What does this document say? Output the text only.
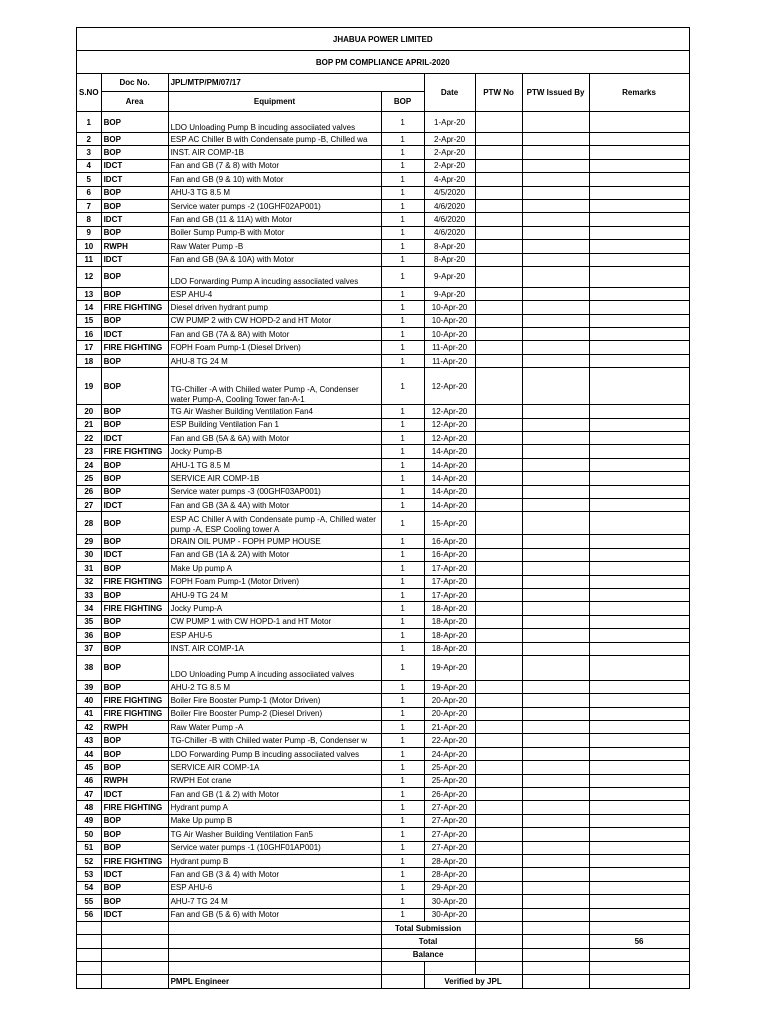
JHABUA POWER LIMITED							
BOP PM COMPLIANCE APRIL-2020							
S.NO	Doc No.	JPL/MTP/PM/07/17		Date	PTW No	PTW Issued By	Remarks
	Area	Equipment	BOP				
1	BOP	LDO Unloading Pump B incuding associiated valves	1	1-Apr-20			
2	BOP	ESP AC Chiller B with Condensate pump -B, Chilled wa	1	2-Apr-20			
3	BOP	INST. AIR COMP-1B	1	2-Apr-20			
4	IDCT	Fan and GB (7 & 8) with Motor	1	2-Apr-20			
5	IDCT	Fan and GB (9 & 10) with Motor	1	4-Apr-20			
6	BOP	AHU-3 TG 8.5 M	1	4/5/2020			
7	BOP	Service water pumps -2 (10GHF02AP001)	1	4/6/2020			
8	IDCT	Fan and GB (11 & 11A) with Motor	1	4/6/2020			
9	BOP	Boiler Sump Pump-B with Motor	1	4/6/2020			
10	RWPH	Raw Water Pump -B	1	8-Apr-20			
11	IDCT	Fan and GB (9A & 10A) with Motor	1	8-Apr-20			
12	BOP	LDO Forwarding Pump A incuding associiated valves	1	9-Apr-20			
13	BOP	ESP AHU-4	1	9-Apr-20			
14	FIRE FIGHTING	Diesel driven hydrant pump	1	10-Apr-20			
15	BOP	CW PUMP 2 with CW HOPD-2 and HT Motor	1	10-Apr-20			
16	IDCT	Fan and GB (7A & 8A) with Motor	1	10-Apr-20			
17	FIRE FIGHTING	FOPH Foam Pump-1 (Diesel Driven)	1	11-Apr-20			
18	BOP	AHU-8 TG 24 M	1	11-Apr-20			
19	BOP	TG-Chiller -A with Chiiled water Pump -A, Condenser water Pump-A, Cooling Tower fan-A-1	1	12-Apr-20			
20	BOP	TG Air Washer Building Ventilation Fan4	1	12-Apr-20			
21	BOP	ESP Building Ventilation Fan 1	1	12-Apr-20			
22	IDCT	Fan and GB (5A & 6A) with Motor	1	12-Apr-20			
23	FIRE FIGHTING	Jocky Pump-B	1	14-Apr-20			
24	BOP	AHU-1 TG 8.5 M	1	14-Apr-20			
25	BOP	SERVICE AIR COMP-1B	1	14-Apr-20			
26	BOP	Service water pumps -3 (00GHF03AP001)	1	14-Apr-20			
27	IDCT	Fan and GB (3A & 4A) with Motor	1	14-Apr-20			
28	BOP	ESP AC Chiller A with Condensate pump -A, Chilled water pump -A, ESP Cooling tower A	1	15-Apr-20			
29	BOP	DRAIN OIL PUMP - FOPH PUMP HOUSE	1	16-Apr-20			
30	IDCT	Fan and GB (1A & 2A) with Motor	1	16-Apr-20			
31	BOP	Make Up pump A	1	17-Apr-20			
32	FIRE FIGHTING	FOPH Foam Pump-1 (Motor Driven)	1	17-Apr-20			
33	BOP	AHU-9 TG 24 M	1	17-Apr-20			
34	FIRE FIGHTING	Jocky Pump-A	1	18-Apr-20			
35	BOP	CW PUMP 1 with CW HOPD-1 and HT Motor	1	18-Apr-20			
36	BOP	ESP AHU-5	1	18-Apr-20			
37	BOP	INST. AIR COMP-1A	1	18-Apr-20			
38	BOP	LDO Unloading Pump A incuding associiated valves	1	19-Apr-20			
39	BOP	AHU-2 TG 8.5 M	1	19-Apr-20			
40	FIRE FIGHTING	Boiler Fire Booster Pump-1 (Motor Driven)	1	20-Apr-20			
41	FIRE FIGHTING	Boiler Fire Booster Pump-2 (Diesel Driven)	1	20-Apr-20			
42	RWPH	Raw Water Pump -A	1	21-Apr-20			
43	BOP	TG-Chiller -B with Chiiled water Pump -B, Condenser w	1	22-Apr-20			
44	BOP	LDO Forwarding Pump B incuding associiated valves	1	24-Apr-20			
45	BOP	SERVICE AIR COMP-1A	1	25-Apr-20			
46	RWPH	RWPH Eot crane	1	25-Apr-20			
47	IDCT	Fan and GB (1 & 2) with Motor	1	26-Apr-20			
48	FIRE FIGHTING	Hydrant pump A	1	27-Apr-20			
49	BOP	Make Up pump B	1	27-Apr-20			
50	BOP	TG Air Washer Building Ventilation Fan5	1	27-Apr-20			
51	BOP	Service water pumps -1 (10GHF01AP001)	1	27-Apr-20			
52	FIRE FIGHTING	Hydrant pump B	1	28-Apr-20			
53	IDCT	Fan and GB (3 & 4) with Motor	1	28-Apr-20			
54	BOP	ESP AHU-6	1	29-Apr-20			
55	BOP	AHU-7 TG 24 M	1	30-Apr-20			
56	IDCT	Fan and GB (5 & 6) with Motor	1	30-Apr-20			
			Total Submission				
			Total				56
			Balance				

		PMPL Engineer		Verified by JPL			
